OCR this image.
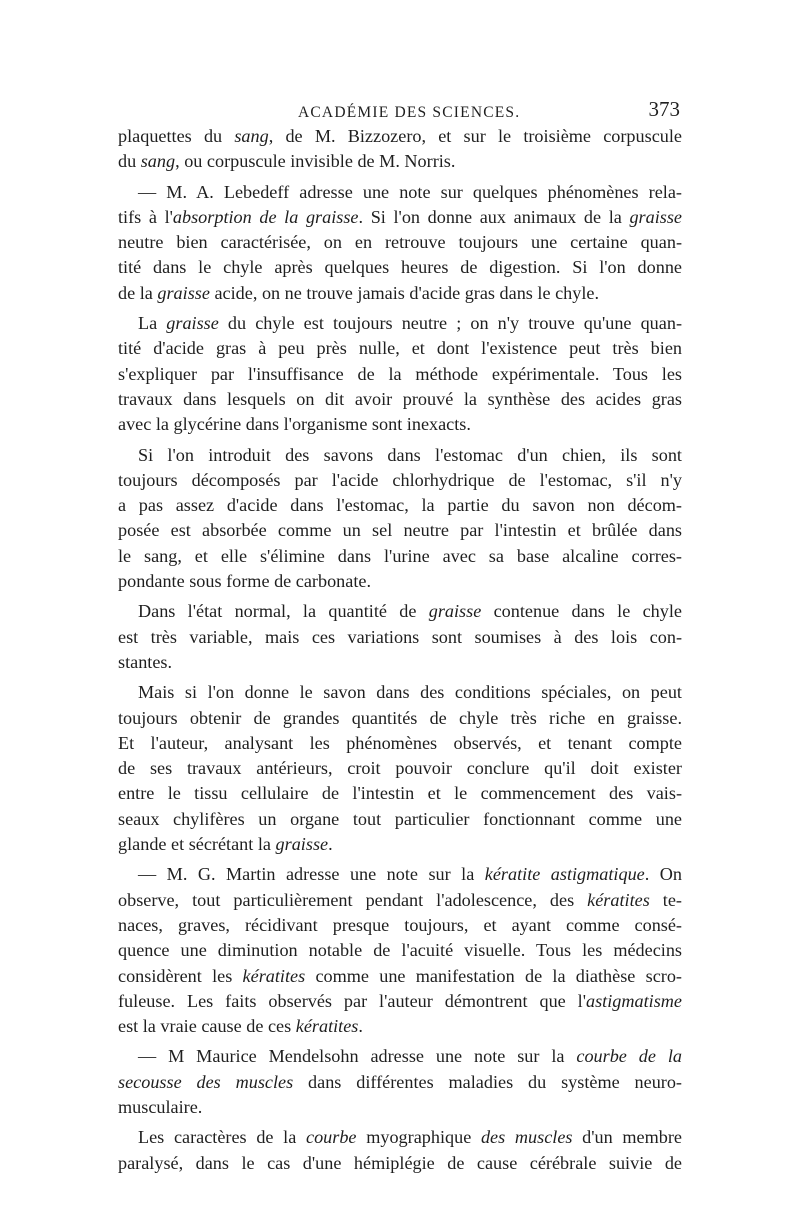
ACADÉMIE DES SCIENCES.	373
plaquettes du sang, de M. Bizzozero, et sur le troisième corpuscule
du sang, ou corpuscule invisible de M. Norris.
— M. A. Lebedeff adresse une note sur quelques phénomènes rela-
tifs à l'absorption de la graisse. Si l'on donne aux animaux de la graisse
neutre bien caractérisée, on en retrouve toujours une certaine quan-
tité dans le chyle après quelques heures de digestion. Si l'on donne
de la graisse acide, on ne trouve jamais d'acide gras dans le chyle.
La graisse du chyle est toujours neutre ; on n'y trouve qu'une quan-
tité d'acide gras à peu près nulle, et dont l'existence peut très bien
s'expliquer par l'insuffisance de la méthode expérimentale. Tous les
travaux dans lesquels on dit avoir prouvé la synthèse des acides gras
avec la glycérine dans l'organisme sont inexacts.
Si l'on introduit des savons dans l'estomac d'un chien, ils sont
toujours décomposés par l'acide chlorhydrique de l'estomac, s'il n'y
a pas assez d'acide dans l'estomac, la partie du savon non décom-
posée est absorbée comme un sel neutre par l'intestin et brûlée dans
le sang, et elle s'élimine dans l'urine avec sa base alcaline corres-
pondante sous forme de carbonate.
Dans l'état normal, la quantité de graisse contenue dans le chyle
est très variable, mais ces variations sont soumises à des lois con-
stantes.
Mais si l'on donne le savon dans des conditions spéciales, on peut
toujours obtenir de grandes quantités de chyle très riche en graisse.
Et l'auteur, analysant les phénomènes observés, et tenant compte
de ses travaux antérieurs, croit pouvoir conclure qu'il doit exister
entre le tissu cellulaire de l'intestin et le commencement des vais-
seaux chylifères un organe tout particulier fonctionnant comme une
glande et sécrétant la graisse.
— M. G. Martin adresse une note sur la kératite astigmatique. On
observe, tout particulièrement pendant l'adolescence, des kératites te-
naces, graves, récidivant presque toujours, et ayant comme consé-
quence une diminution notable de l'acuité visuelle. Tous les médecins
considèrent les kératites comme une manifestation de la diathèse scro-
fuleuse. Les faits observés par l'auteur démontrent que l'astigmatisme
est la vraie cause de ces kératites.
— M Maurice Mendelsohn adresse une note sur la courbe de la
secousse des muscles dans différentes maladies du système neuro-
musculaire.
Les caractères de la courbe myographique des muscles d'un membre
paralysé, dans le cas d'une hémiplégie de cause cérébrale suivie de
